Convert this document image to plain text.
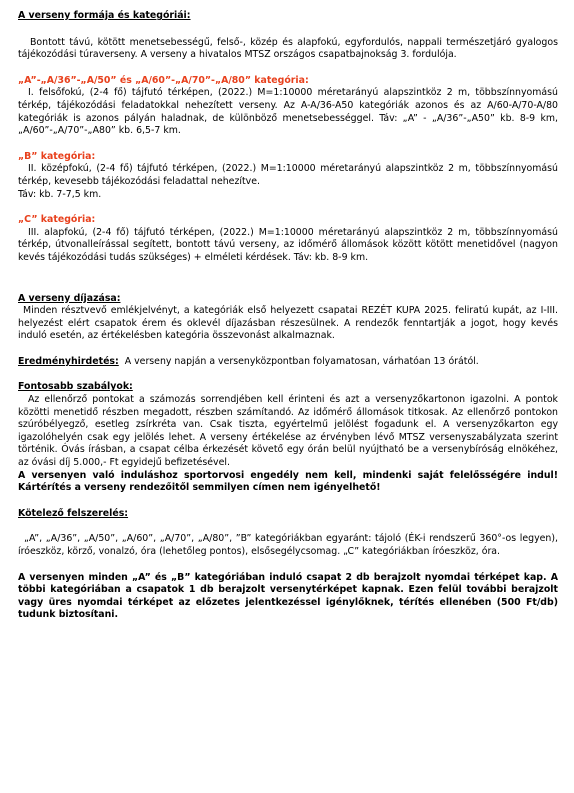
A verseny formája és kategóriái:

Bontott távú, kötött menetsebességű, felső-, közép és alapfokú, egyfordulós, nappali természetjáró gyalogos tájékozódási túraverseny. A verseny a hivatalos MTSZ országos csapatbajnokság 3. fordulója.

„A”-„A/36”-„A/50” és „A/60”-„A/70”-„A/80” kategória:

I. felsőfokú, (2-4 fő) tájfutó térképen, (2022.) M=1:10000 méretarányú alapszintköz 2 m, többszínnyomású térkép, tájékozódási feladatokkal nehezített verseny. Az A-A/36-A50 kategóriák azonos és az A/60-A/70-A/80 kategóriák is azonos pályán haladnak, de különböző menetsebességgel. Táv: „A” - „A/36”-„A50” kb. 8-9 km, „A/60”-„A/70”-„A80” kb. 6,5-7 km.

„B” kategória:

II. középfokú, (2-4 fő) tájfutó térképen, (2022.) M=1:10000 méretarányú alapszintköz 2 m, többszínnyomású térkép, kevesebb tájékozódási feladattal nehezítve.

Táv: kb. 7-7,5 km.

„C” kategória:

III. alapfokú, (2-4 fő) tájfutó térképen, (2022.) M=1:10000 méretarányú alapszintköz 2 m, többszínnyomású térkép, útvonalleírással segített, bontott távú verseny, az időmérő állomások között kötött menetidővel (nagyon kevés tájékozódási tudás szükséges) + elméleti kérdések. Táv: kb. 8-9 km.

A verseny díjazása:

Minden résztvevő emlékjelvényt, a kategóriák első helyezett csapatai REZÉT KUPA 2025. feliratú kupát, az I-III. helyezést elért csapatok érem és oklevél díjazásban részesülnek. A rendezők fenntartják a jogot, hogy kevés induló esetén, az értékelésben kategória összevonást alkalmaznak.

Eredményhirdetés: A verseny napján a versenyközpontban folyamatosan, várhatóan 13 órától.

Fontosabb szabályok:

Az ellenőrző pontokat a számozás sorrendjében kell érinteni és azt a versenyzőkartonon igazolni. A pontok közötti menetidő részben megadott, részben számítandó. Az időmérő állomások titkosak. Az ellenőrző pontokon szúróbélyegző, esetleg zsírkréta van. Csak tiszta, egyértelmű jelölést fogadunk el. A versenyzőkarton egy igazolóhelyén csak egy jelölés lehet. A verseny értékelése az érvényben lévő MTSZ versenyszabályzata szerint történik. Óvás írásban, a csapat célba érkezését követő egy órán belül nyújtható be a versenybíróság elnökéhez, az óvási díj 5.000,- Ft egyidejű befizetésével.

A versenyen való induláshoz sportorvosi engedély nem kell, mindenki saját felelősségére indul! Kártérítés a verseny rendezőitől semmilyen címen nem igényelhető!

Kötelező felszerelés:

„A”, „A/36”, „A/50”, „A/60”, „A/70”, „A/80”, ”B” kategóriákban egyaránt: tájoló (ÉK-i rendszerű 360°-os legyen), íróeszköz, körző, vonalzó, óra (lehetőleg pontos), elsősegélycsomag. „C” kategóriákban íróeszköz, óra.

A versenyen minden „A” és „B” kategóriában induló csapat 2 db berajzolt nyomdai térképet kap. A többi kategóriában a csapatok 1 db berajzolt versenytérképet kapnak. Ezen felül további berajzolt vagy üres nyomdai térképet az előzetes jelentkezéssel igénylőknek, térítés ellenében (500 Ft/db) tudunk biztosítani.
